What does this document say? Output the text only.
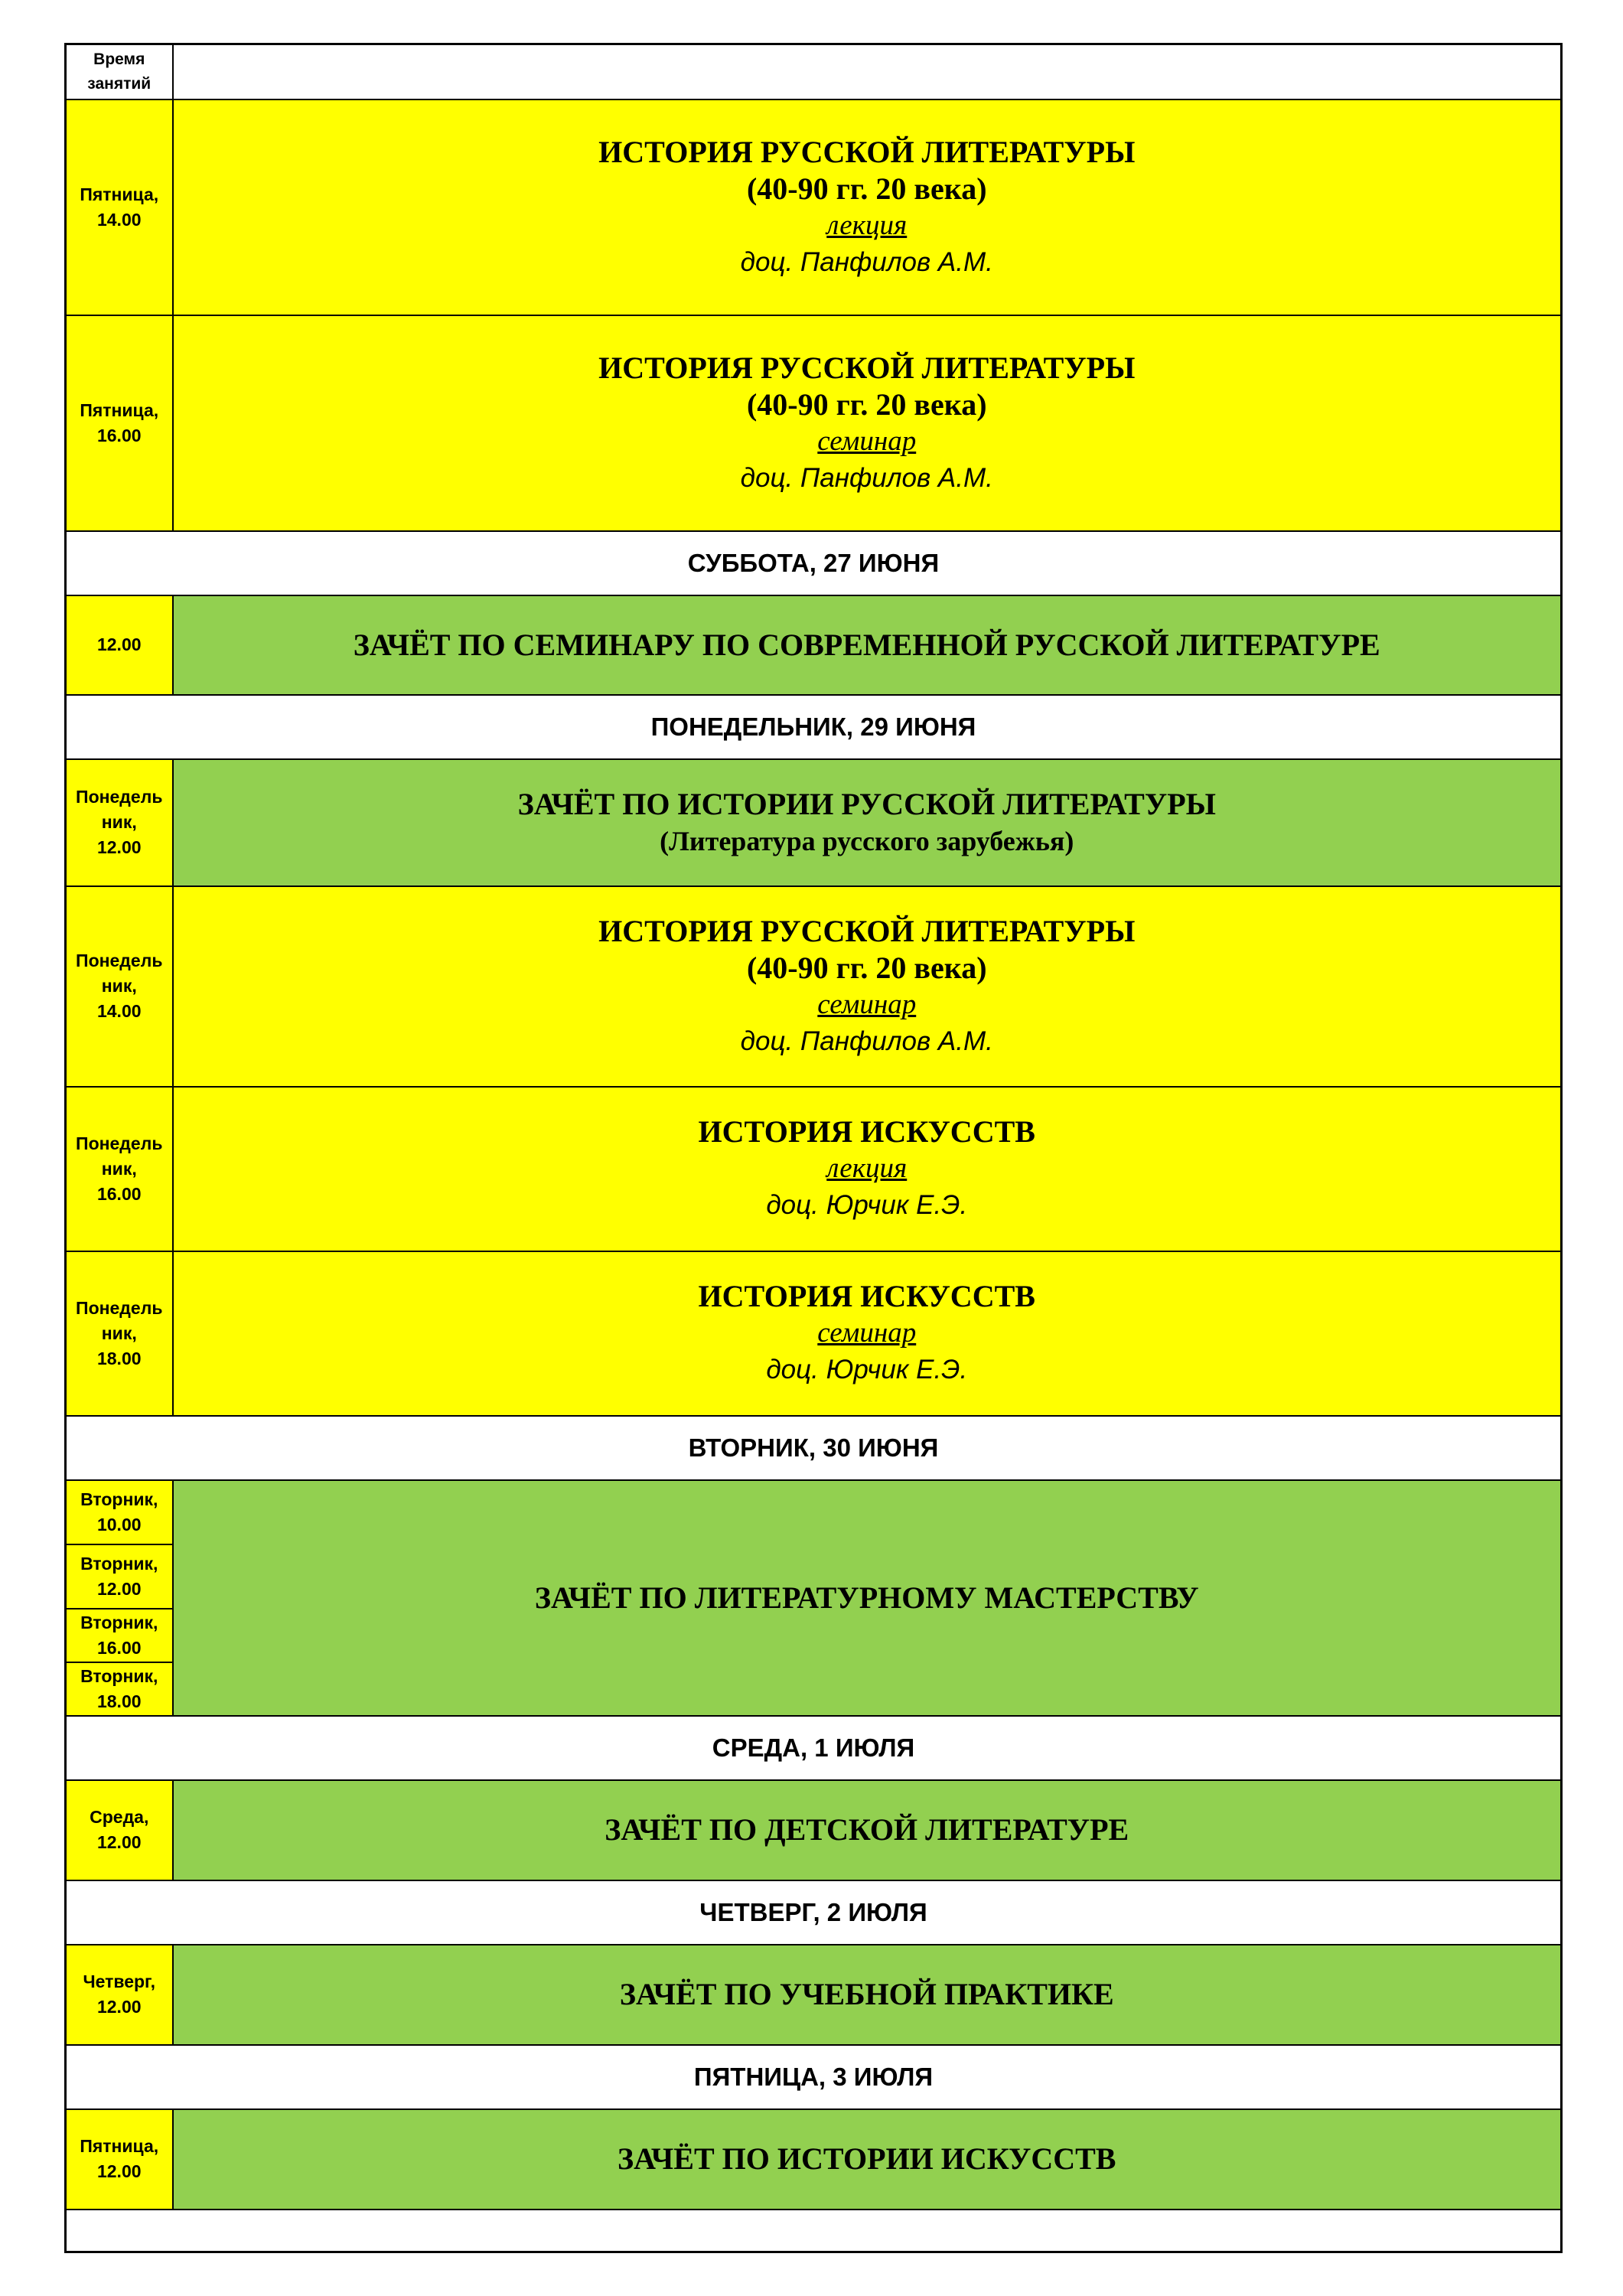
Время
занятий	

Пятница,
14.00	ИСТОРИЯ РУССКОЙ ЛИТЕРАТУРЫ
(40-90 гг. 20 века)
лекция
доц. Панфилов А.М.

Пятница,
16.00	ИСТОРИЯ РУССКОЙ ЛИТЕРАТУРЫ
(40-90 гг. 20 века)
семинар
доц. Панфилов А.М.

СУББОТА, 27 ИЮНЯ	

12.00	ЗАЧЁТ ПО СЕМИНАРУ ПО СОВРЕМЕННОЙ РУССКОЙ ЛИТЕРАТУРЕ

ПОНЕДЕЛЬНИК, 29 ИЮНЯ	

Понедель
ник,
12.00	ЗАЧЁТ ПО ИСТОРИИ РУССКОЙ ЛИТЕРАТУРЫ
(Литература русского зарубежья)

Понедель
ник,
14.00	ИСТОРИЯ РУССКОЙ ЛИТЕРАТУРЫ
(40-90 гг. 20 века)
семинар
доц. Панфилов А.М.

Понедель
ник,
16.00	ИСТОРИЯ ИСКУССТВ
лекция
доц. Юрчик Е.Э.

Понедель
ник,
18.00	ИСТОРИЯ ИСКУССТВ
семинар
доц. Юрчик Е.Э.

ВТОРНИК, 30 ИЮНЯ	

Вторник,
10.00	ЗАЧЁТ ПО ЛИТЕРАТУРНОМУ МАСТЕРСТВУ

Вторник,
12.00	

Вторник,
16.00	

Вторник,
18.00	

СРЕДА, 1 ИЮЛЯ	

Среда,
12.00	ЗАЧЁТ ПО ДЕТСКОЙ ЛИТЕРАТУРЕ

ЧЕТВЕРГ, 2 ИЮЛЯ	

Четверг,
12.00	ЗАЧЁТ ПО УЧЕБНОЙ ПРАКТИКЕ

ПЯТНИЦА, 3 ИЮЛЯ	

Пятница,
12.00	ЗАЧЁТ ПО ИСТОРИИ ИСКУССТВ
